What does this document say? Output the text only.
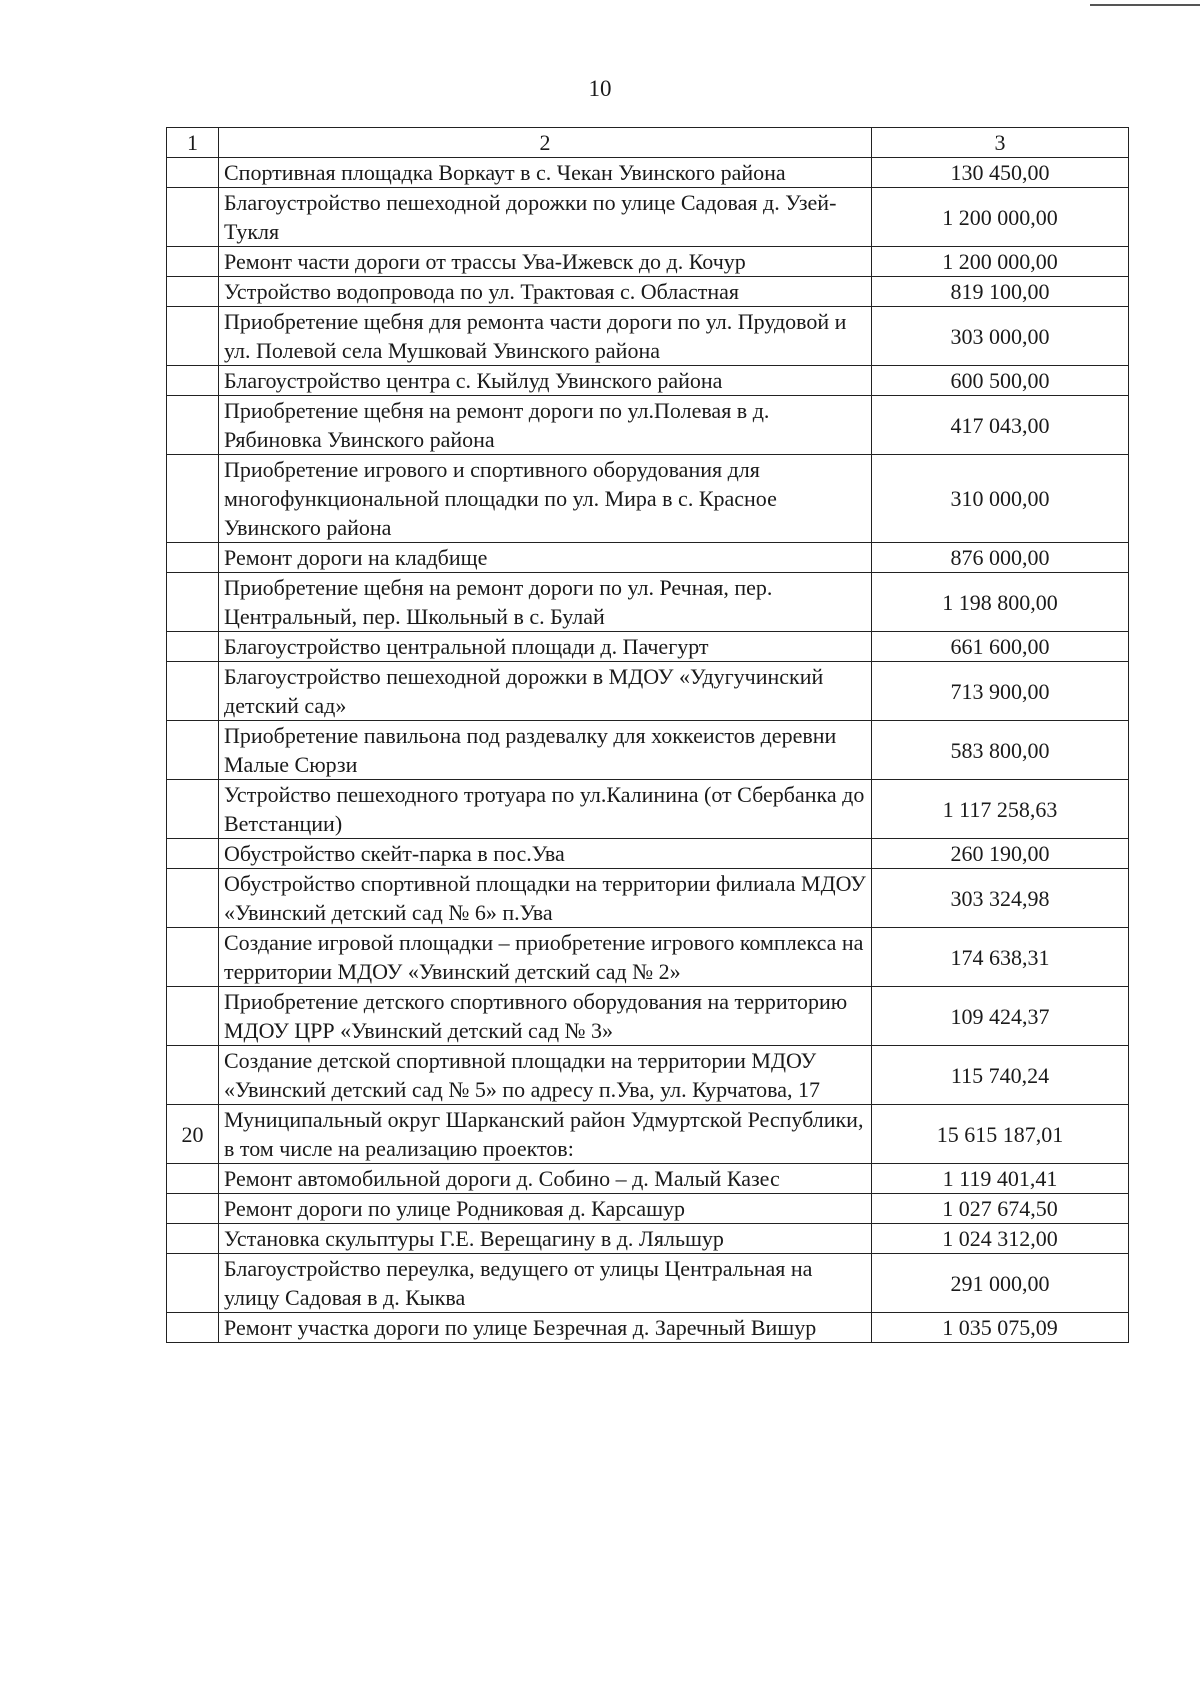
10
1	2	3
	Спортивная площадка Воркаут в с. Чекан Увинского района	130 450,00
	Благоустройство пешеходной дорожки по улице Садовая д. Узей-Тукля	1 200 000,00
	Ремонт части дороги от трассы Ува-Ижевск до д. Кочур	1 200 000,00
	Устройство водопровода по ул. Трактовая с. Областная	819 100,00
	Приобретение щебня для ремонта части дороги по ул. Прудовой и ул. Полевой села Мушковай Увинского района	303 000,00
	Благоустройство центра с. Кыйлуд Увинского района	600 500,00
	Приобретение щебня на ремонт дороги по ул.Полевая в д. Рябиновка Увинского района	417 043,00
	Приобретение игрового и спортивного оборудования для многофункциональной площадки по ул. Мира в с. Красное Увинского района	310 000,00
	Ремонт дороги на кладбище	876 000,00
	Приобретение щебня на ремонт дороги по ул. Речная, пер. Центральный, пер. Школьный в с. Булай	1 198 800,00
	Благоустройство центральной площади д. Пачегурт	661 600,00
	Благоустройство пешеходной дорожки в МДОУ «Удугучинский детский сад»	713 900,00
	Приобретение павильона под раздевалку для хоккеистов деревни Малые Сюрзи	583 800,00
	Устройство пешеходного тротуара по ул.Калинина (от Сбербанка до Ветстанции)	1 117 258,63
	Обустройство скейт-парка в пос.Ува	260 190,00
	Обустройство спортивной площадки на территории филиала МДОУ «Увинский детский сад № 6» п.Ува	303 324,98
	Создание игровой площадки – приобретение игрового комплекса на территории МДОУ «Увинский детский сад № 2»	174 638,31
	Приобретение детского спортивного оборудования на территорию МДОУ ЦРР «Увинский детский сад № 3»	109 424,37
	Создание детской спортивной площадки на территории МДОУ «Увинский детский сад № 5» по адресу п.Ува, ул. Курчатова, 17	115 740,24
20	Муниципальный округ Шарканский район Удмуртской Республики, в том числе на реализацию проектов:	15 615 187,01
	Ремонт автомобильной дороги д. Собино – д. Малый Казес	1 119 401,41
	Ремонт дороги по улице Родниковая д. Карсашур	1 027 674,50
	Установка скульптуры Г.Е. Верещагину в д. Ляльшур	1 024 312,00
	Благоустройство переулка, ведущего от улицы Центральная на улицу Садовая в д. Кыква	291 000,00
	Ремонт участка дороги по улице Безречная д. Заречный Вишур	1 035 075,09
